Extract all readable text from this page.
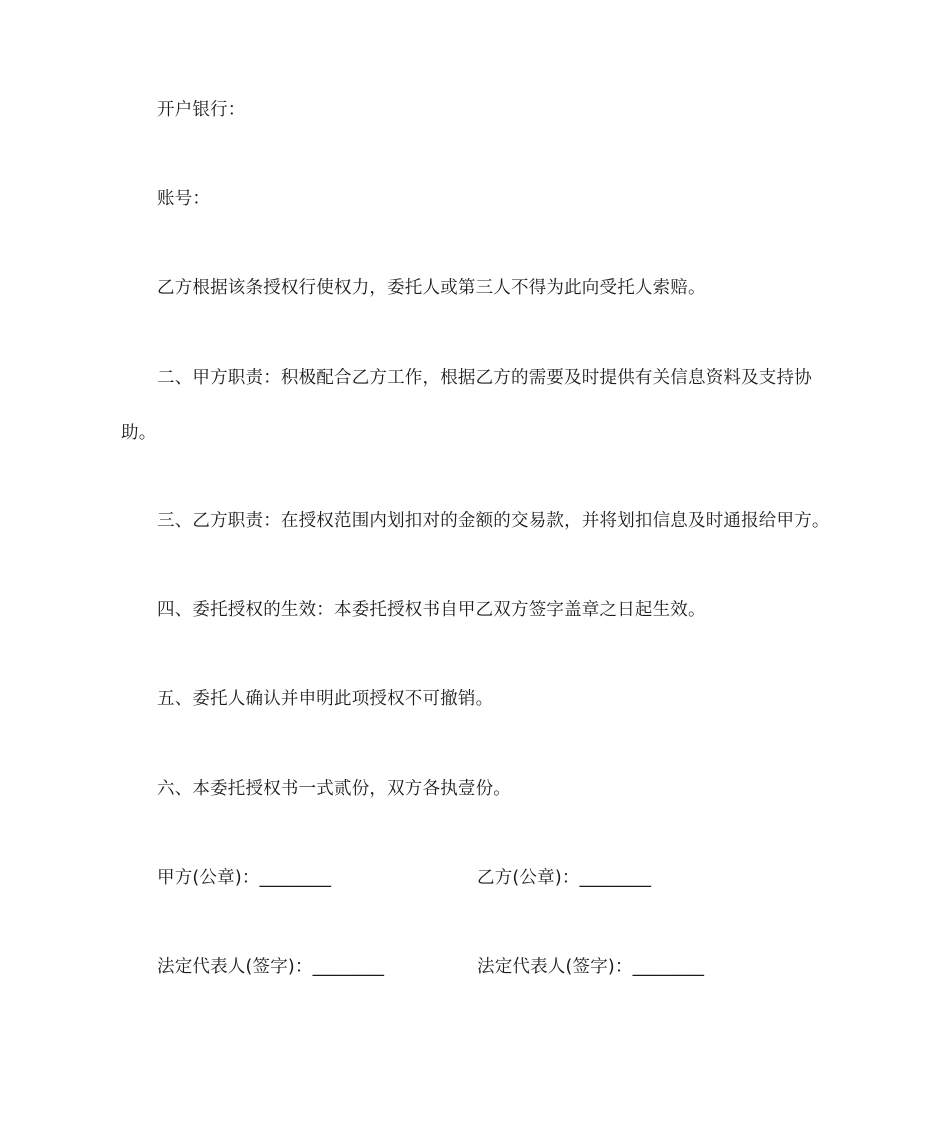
开户银行：
账号：
乙方根据该条授权行使权力，委托人或第三人不得为此向受托人索赔。
二、甲方职责：积极配合乙方工作，根据乙方的需要及时提供有关信息资料及支持协
助。
三、乙方职责：在授权范围内划扣对的金额的交易款，并将划扣信息及时通报给甲方。
四、委托授权的生效：本委托授权书自甲乙双方签字盖章之日起生效。
五、委托人确认并申明此项授权不可撤销。
六、本委托授权书一式贰份，双方各执壹份。
甲方(公章)：________	乙方(公章)：________
法定代表人(签字)：________	法定代表人(签字)：________
